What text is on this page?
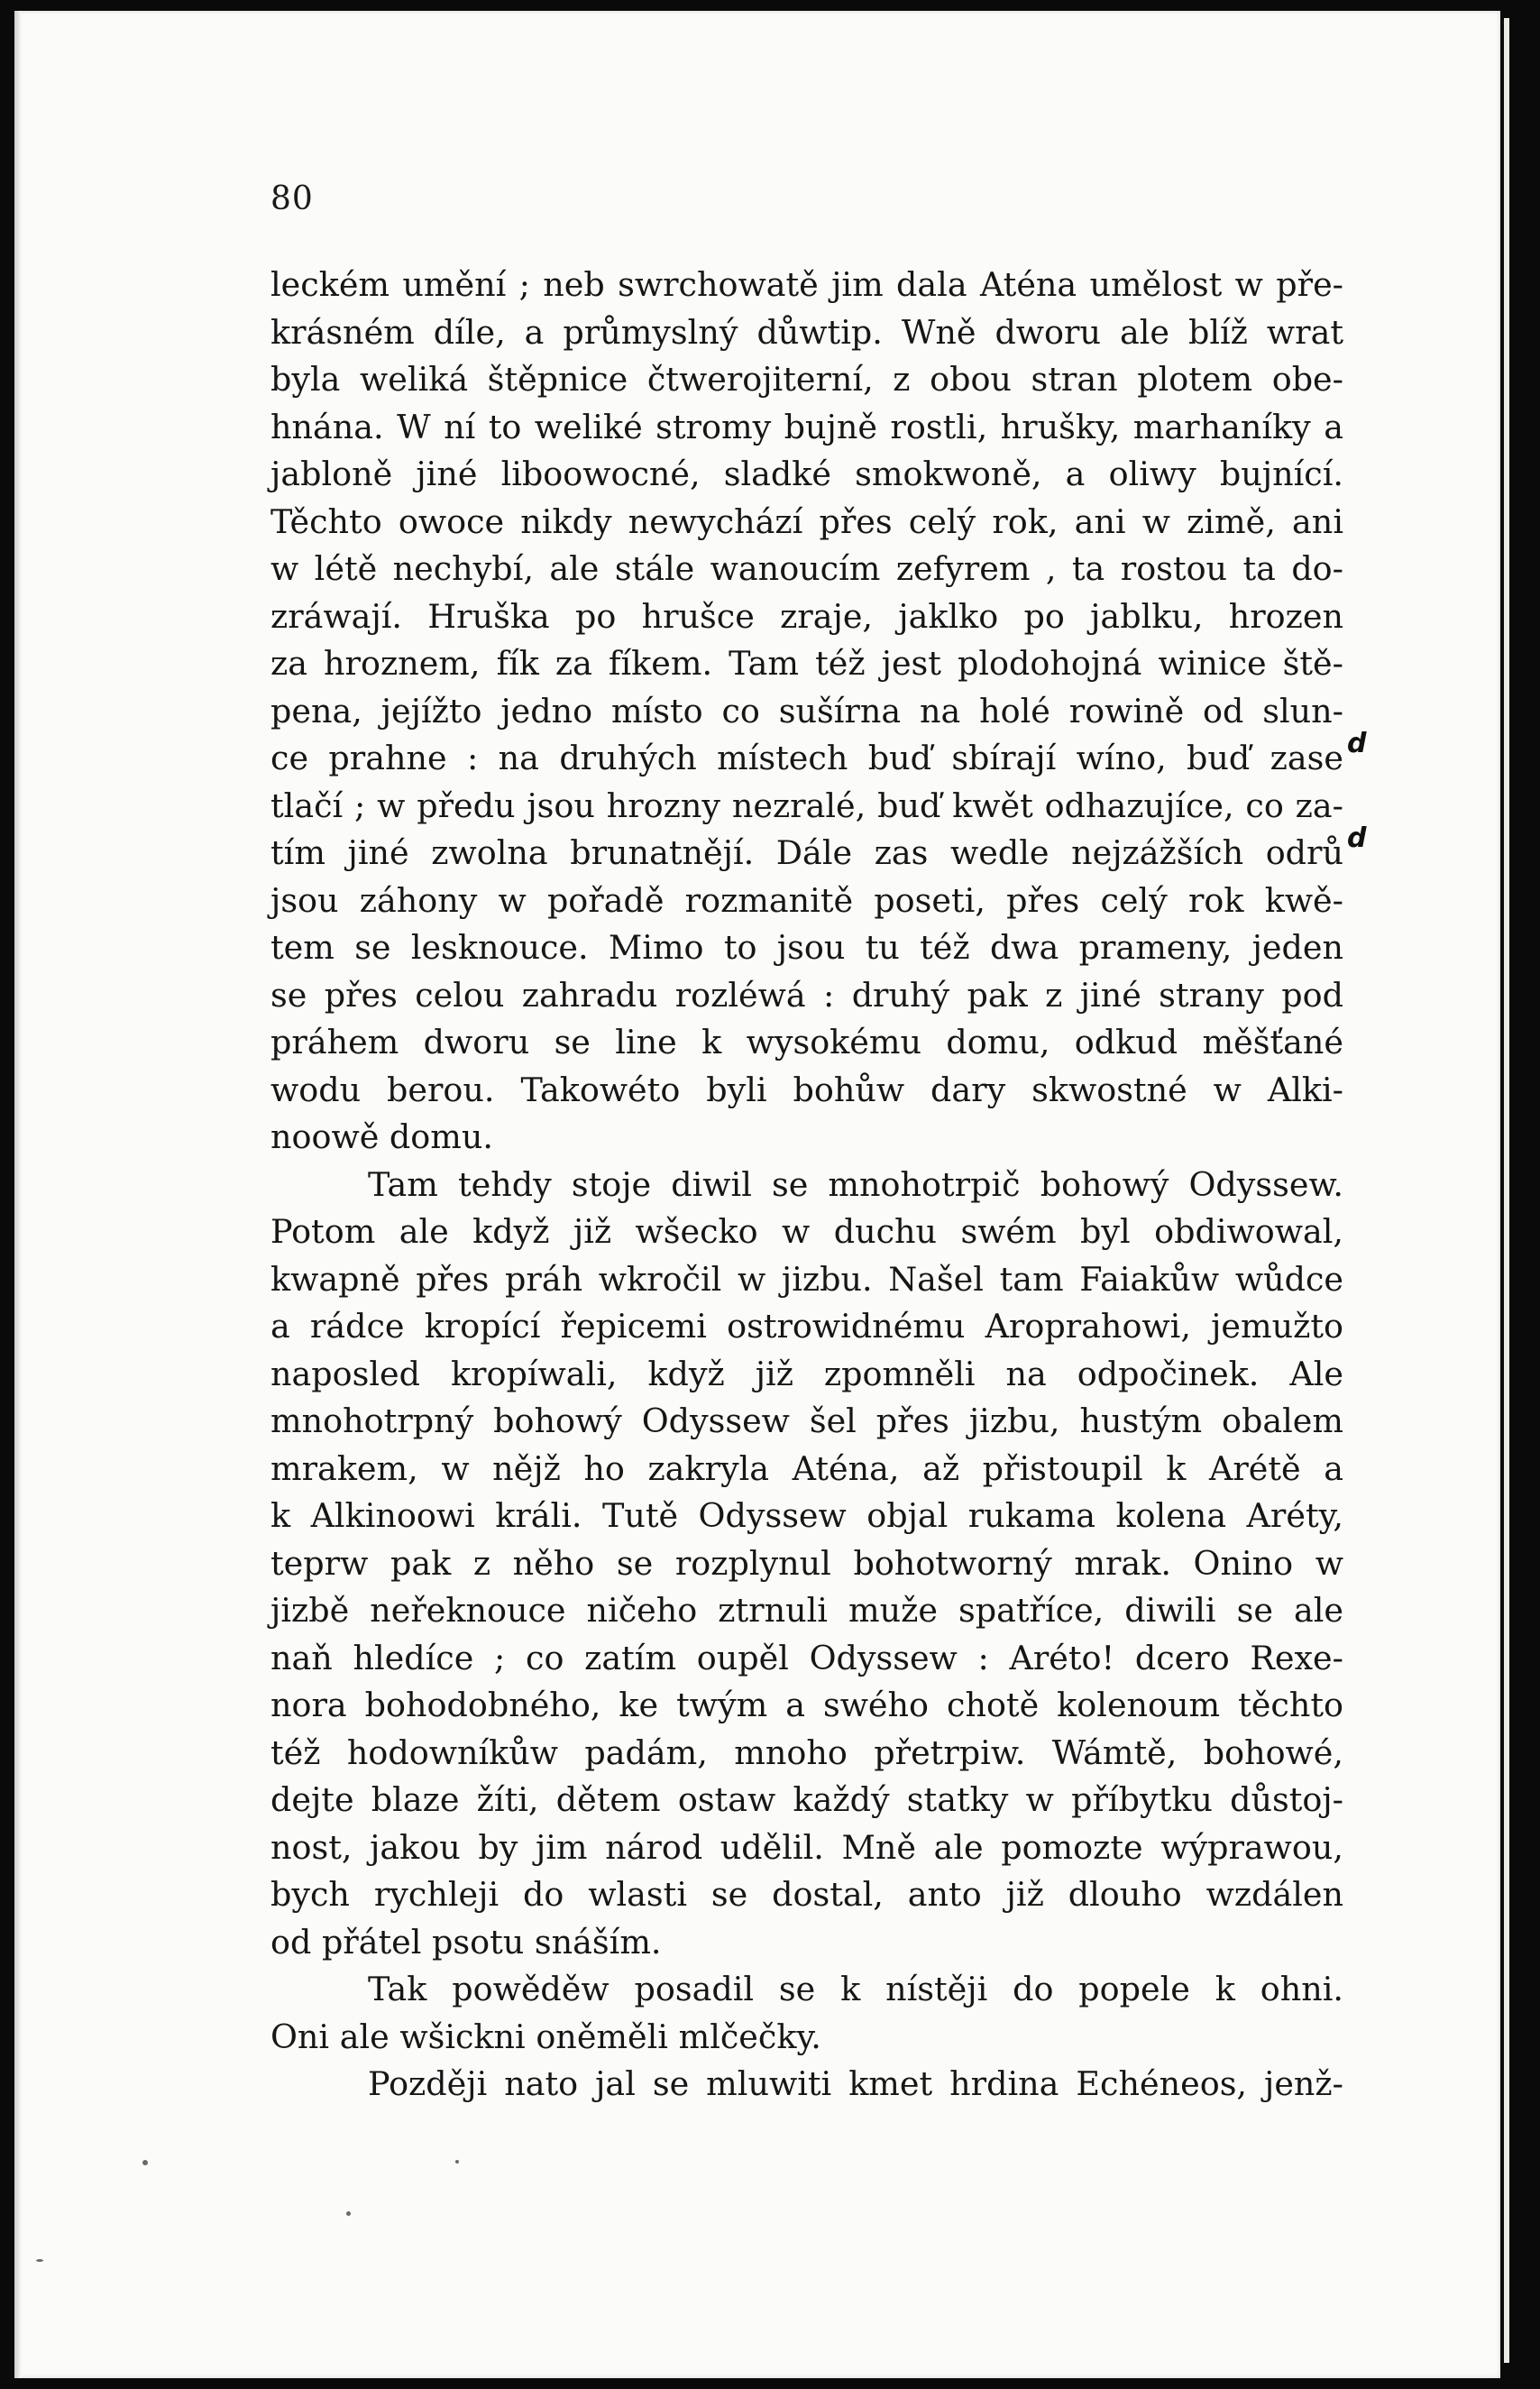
80
leckém umění ; neb swrchowatě jim dala Aténa umělost w pře-
krásném díle, a průmyslný důwtip. Wně dworu ale blíž wrat
byla weliká štěpnice čtwerojiterní, z obou stran plotem obe-
hnána. W ní to weliké stromy bujně rostli, hrušky, marhaníky a
jabloně jiné liboowocné, sladké smokwoně, a oliwy bujnící.
Těchto owoce nikdy newychází přes celý rok, ani w zimě, ani
w létě nechybí, ale stále wanoucím zefyrem , ta rostou ta do-
zráwají. Hruška po hrušce zraje, jaklko po jablku, hrozen
za hroznem, fík za fíkem. Tam též jest plodohojná winice ště-
pena, jejížto jedno místo co sušírna na holé rowině od slun-
ce prahne : na druhých místech buď sbírají wíno, buď zase
tlačí ; w předu jsou hrozny nezralé, buď kwět odhazujíce, co za-
tím jiné zwolna brunatnějí. Dále zas wedle nejzážších odrů
jsou záhony w pořadě rozmanitě poseti, přes celý rok kwě-
tem se lesknouce. Mimo to jsou tu též dwa prameny, jeden
se přes celou zahradu rozléwá : druhý pak z jiné strany pod
práhem dworu se line k wysokému domu, odkud měšťané
wodu berou. Takowéto byli bohůw dary skwostné w Alki-
noowě domu.
Tam tehdy stoje diwil se mnohotrpič bohowý Odyssew.
Potom ale když již wšecko w duchu swém byl obdiwowal,
kwapně přes práh wkročil w jizbu. Našel tam Faiakůw wůdce
a rádce kropící řepicemi ostrowidnému Aroprahowi, jemužto
naposled kropíwali, když již zpomněli na odpočinek. Ale
mnohotrpný bohowý Odyssew šel přes jizbu, hustým obalem
mrakem, w nějž ho zakryla Aténa, až přistoupil k Arétě a
k Alkinoowi králi. Tutě Odyssew objal rukama kolena Aréty,
teprw pak z něho se rozplynul bohotworný mrak. Onino w
jizbě neřeknouce ničeho ztrnuli muže spatříce, diwili se ale
naň hledíce ; co zatím oupěl Odyssew : Aréto! dcero Rexe-
nora bohodobného, ke twým a swého chotě kolenoum těchto
též hodowníkůw padám, mnoho přetrpiw. Wámtě, bohowé,
dejte blaze žíti, dětem ostaw každý statky w příbytku důstoj-
nost, jakou by jim národ udělil. Mně ale pomozte wýprawou,
bych rychleji do wlasti se dostal, anto již dlouho wzdálen
od přátel psotu snáším.
Tak powěděw posadil se k nístěji do popele k ohni.
Oni ale wšickni oněměli mlčečky.
Později nato jal se mluwiti kmet hrdina Echéneos, jenž-
d
d
